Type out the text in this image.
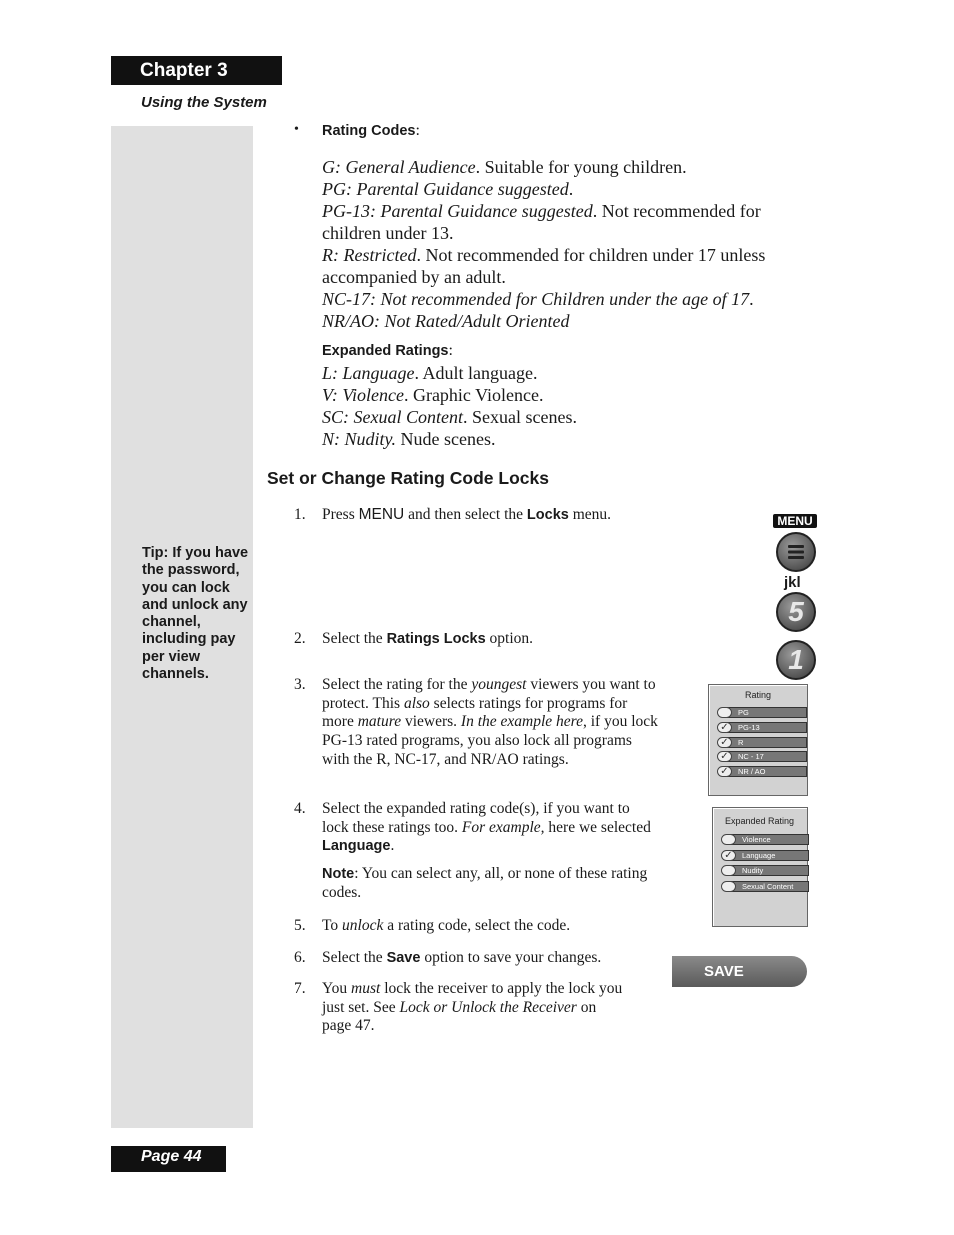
Chapter 3
Using the System
Tip: If you have the password, you can lock and unlock any channel, including pay per view channels.
• Rating Codes:
G: General Audience. Suitable for young children.
PG: Parental Guidance suggested.
PG-13: Parental Guidance suggested. Not recommended for
children under 13.
R: Restricted. Not recommended for children under 17 unless
accompanied by an adult.
NC-17: Not recommended for Children under the age of 17.
NR/AO: Not Rated/Adult Oriented
Expanded Ratings:
L: Language. Adult language.
V: Violence. Graphic Violence.
SC: Sexual Content. Sexual scenes.
N: Nudity. Nude scenes.
Set or Change Rating Code Locks
1. Press MENU and then select the Locks menu.
2. Select the Ratings Locks option.
3. Select the rating for the youngest viewers you want to
protect. This also selects ratings for programs for
more mature viewers. In the example here, if you lock
PG-13 rated programs, you also lock all programs
with the R, NC-17, and NR/AO ratings.
4. Select the expanded rating code(s), if you want to
lock these ratings too. For example, here we selected
Language.
Note: You can select any, all, or none of these rating
codes.
5. To unlock a rating code, select the code.
6. Select the Save option to save your changes.
7. You must lock the receiver to apply the lock you
just set. See Lock or Unlock the Receiver on
page 47.
MENU
jkl
5
1
Rating
PG
PG-13
✓
R
✓
NC - 17
✓
NR / AO
✓
Expanded Rating
Violence
Language
✓
Nudity
Sexual Content
SAVE
Page 44
